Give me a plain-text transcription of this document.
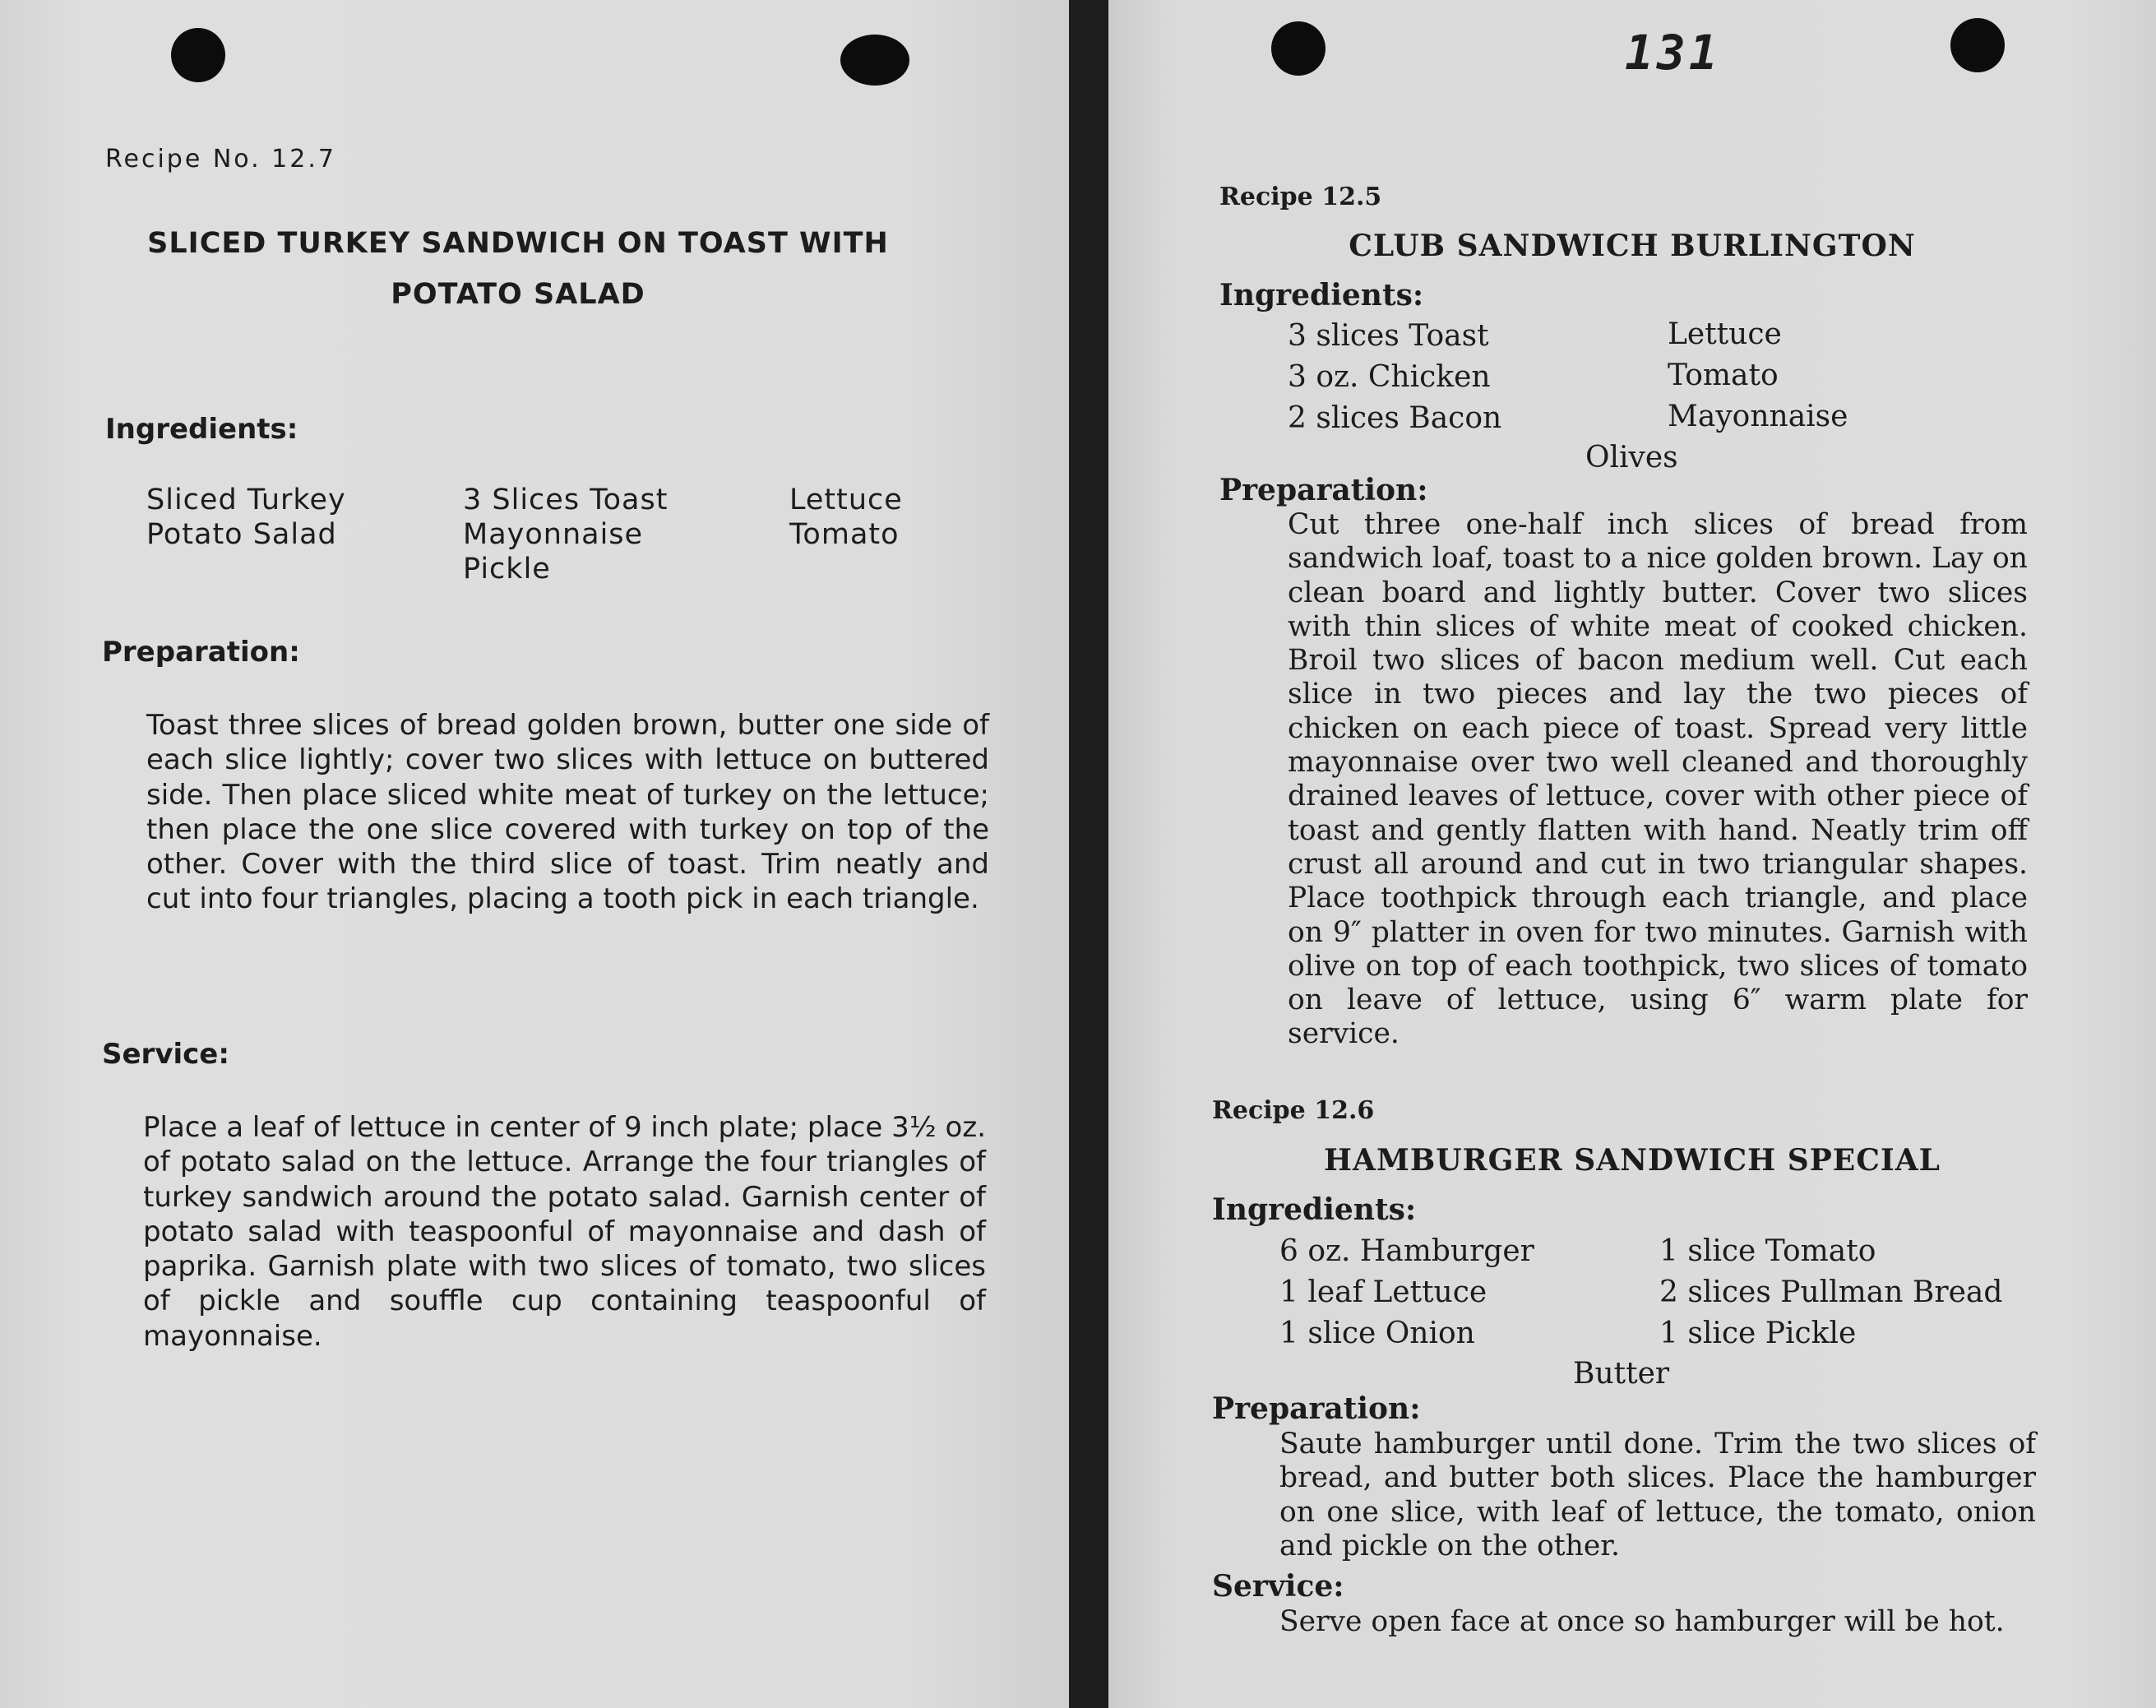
Recipe No. 12.7

SLICED TURKEY SANDWICH ON TOAST WITH
POTATO SALAD

Ingredients:

Sliced Turkey
Potato Salad
3 Slices Toast
Mayonnaise
Pickle
Lettuce
Tomato

Preparation:

Toast three slices of bread golden brown, butter one side of each slice lightly; cover two slices with lettuce on buttered side. Then place sliced white meat of turkey on the lettuce; then place the one slice covered with turkey on top of the other. Cover with the third slice of toast. Trim neatly and cut into four triangles, placing a tooth pick in each triangle.

Service:

Place a leaf of lettuce in center of 9 inch plate; place 3½ oz. of potato salad on the lettuce. Arrange the four triangles of turkey sandwich around the potato salad. Garnish center of potato salad with teaspoonful of mayonnaise and dash of paprika. Garnish plate with two slices of tomato, two slices of pickle and souffle cup containing teaspoonful of mayonnaise.

131

Recipe 12.5

CLUB SANDWICH BURLINGTON

Ingredients:

3 slices Toast
3 oz. Chicken
2 slices Bacon
Lettuce
Tomato
Mayonnaise
Olives

Preparation:

Cut three one-half inch slices of bread from sandwich loaf, toast to a nice golden brown. Lay on clean board and lightly butter. Cover two slices with thin slices of white meat of cooked chicken. Broil two slices of bacon medium well. Cut each slice in two pieces and lay the two pieces of chicken on each piece of toast. Spread very little mayonnaise over two well cleaned and thoroughly drained leaves of lettuce, cover with other piece of toast and gently flatten with hand. Neatly trim off crust all around and cut in two triangular shapes. Place toothpick through each triangle, and place on 9″ platter in oven for two minutes. Garnish with olive on top of each toothpick, two slices of tomato on leave of lettuce, using 6″ warm plate for service.

Recipe 12.6

HAMBURGER SANDWICH SPECIAL

Ingredients:

6 oz. Hamburger
1 leaf Lettuce
1 slice Onion
1 slice Tomato
2 slices Pullman Bread
1 slice Pickle
Butter

Preparation:

Saute hamburger until done. Trim the two slices of bread, and butter both slices. Place the hamburger on one slice, with leaf of lettuce, the tomato, onion and pickle on the other.

Service:

Serve open face at once so hamburger will be hot.
